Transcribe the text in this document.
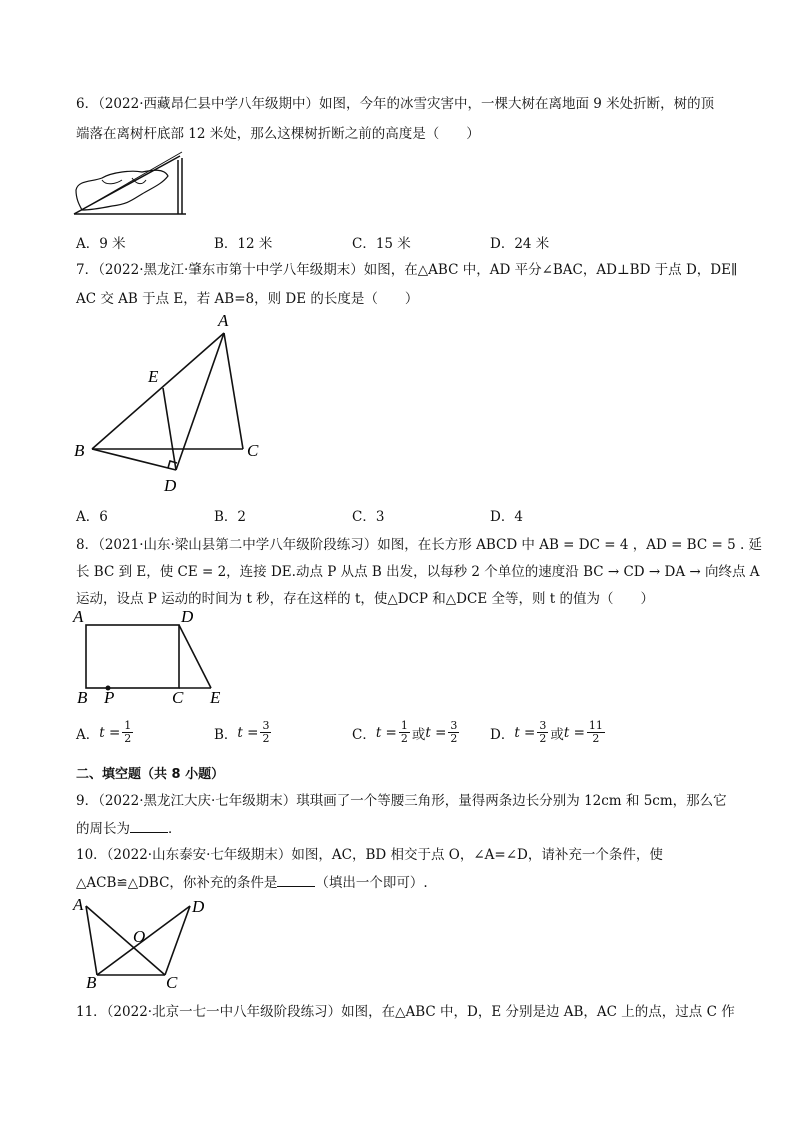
6．（2022·西藏昂仁县中学八年级期中）如图，今年的冰雪灾害中，一棵大树在离地面 9 米处折断，树的顶
端落在离树杆底部 12 米处，那么这棵树折断之前的高度是（　　）
A．9 米	B．12 米	C．15 米	D．24 米
7．（2022·黑龙江·肇东市第十中学八年级期末）如图，在△ABC 中，AD 平分∠BAC，AD⊥BD 于点 D，DE∥
AC 交 AB 于点 E，若 AB=8，则 DE 的长度是（　　）
A
E
B	C
D
A．6	B．2	C．3	D．4
8．（2021·山东·梁山县第二中学八年级阶段练习）如图，在长方形 ABCD 中 AB = DC = 4 ，AD = BC = 5 . 延
长 BC 到 E，使 CE = 2，连接 DE.动点 P 从点 B 出发，以每秒 2 个单位的速度沿 BC → CD → DA → 向终点 A
运动，设点 P 运动的时间为 t 秒，存在这样的 t，使△DCP 和△DCE 全等，则 t 的值为（　　）
A	D
B P	C E
A． $t = \frac{1}{2}$	B． $t = \frac{3}{2}$	C． $t = \frac{1}{2}$ 或 $t = \frac{3}{2}$ D． $t = \frac{3}{2}$ 或 $t = \frac{11}{2}$
二、填空题（共 8 小题）
9．（2022·黑龙江大庆·七年级期末）琪琪画了一个等腰三角形，量得两条边长分别为 12cm 和 5cm，那么它
的周长为	．
10．（2022·山东泰安·七年级期末）如图，AC，BD 相交于点 O，∠A=∠D，请补充一个条件，使
△ACB≌△DBC，你补充的条件是	（填出一个即可）.
A	D
O
B	C
11．（2022·北京一七一中八年级阶段练习）如图，在△ABC 中，D，E 分别是边 AB，AC 上的点，过点 C 作
